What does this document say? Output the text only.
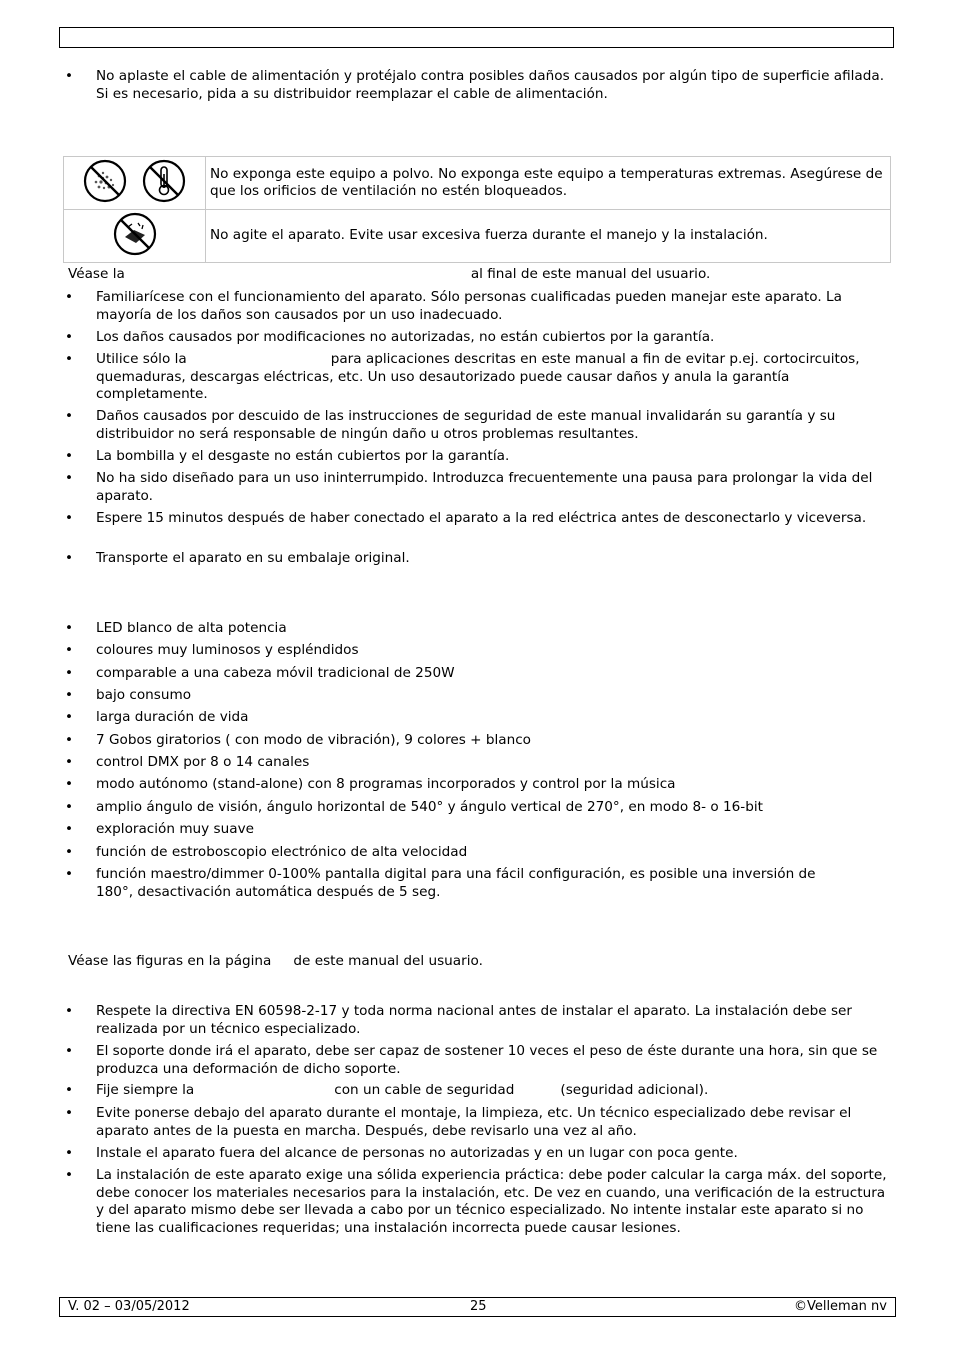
• No aplaste el cable de alimentación y protéjalo contra posibles daños causados por algún tipo de superficie afilada. Si es necesario, pida a su distribuidor reemplazar el cable de alimentación.
	No exponga este equipo a polvo. No exponga este equipo a temperaturas extremas. Asegúrese de que los orificios de ventilación no estén bloqueados.
	No agite el aparato. Evite usar excesiva fuerza durante el manejo y la instalación.
Véase la	al final de este manual del usuario.
• Familiarícese con el funcionamiento del aparato. Sólo personas cualificadas pueden manejar este aparato. La mayoría de los daños son causados por un uso inadecuado.
• Los daños causados por modificaciones no autorizadas, no están cubiertos por la garantía.
• Utilice sólo la	para aplicaciones descritas en este manual a fin de evitar p.ej. cortocircuitos, quemaduras, descargas eléctricas, etc. Un uso desautorizado puede causar daños y anula la garantía completamente.
• Daños causados por descuido de las instrucciones de seguridad de este manual invalidarán su garantía y su distribuidor no será responsable de ningún daño u otros problemas resultantes.
• La bombilla y el desgaste no están cubiertos por la garantía.
• No ha sido diseñado para un uso ininterrumpido. Introduzca frecuentemente una pausa para prolongar la vida del aparato.
• Espere 15 minutos después de haber conectado el aparato a la red eléctrica antes de desconectarlo y viceversa.
• Transporte el aparato en su embalaje original.
• LED blanco de alta potencia
• coloures muy luminosos y espléndidos
• comparable a una cabeza móvil tradicional de 250W
• bajo consumo
• larga duración de vida
• 7 Gobos giratorios ( con modo de vibración), 9 colores + blanco
• control DMX por 8 o 14 canales
• modo autónomo (stand-alone) con 8 programas incorporados y control por la música
• amplio ángulo de visión, ángulo horizontal de 540° y ángulo vertical de 270°, en modo 8- o 16-bit
• exploración muy suave
• función de estroboscopio electrónico de alta velocidad
• función maestro/dimmer 0-100% pantalla digital para una fácil configuración, es posible una inversión de 180°, desactivación automática después de 5 seg.
Véase las figuras en la página de este manual del usuario.
• Respete la directiva EN 60598-2-17 y toda norma nacional antes de instalar el aparato. La instalación debe ser realizada por un técnico especializado.
• El soporte donde irá el aparato, debe ser capaz de sostener 10 veces el peso de éste durante una hora, sin que se produzca una deformación de dicho soporte.
• Fije siempre la	con un cable de seguridad	(seguridad adicional).
• Evite ponerse debajo del aparato durante el montaje, la limpieza, etc. Un técnico especializado debe revisar el aparato antes de la puesta en marcha. Después, debe revisarlo una vez al año.
• Instale el aparato fuera del alcance de personas no autorizadas y en un lugar con poca gente.
• La instalación de este aparato exige una sólida experiencia práctica: debe poder calcular la carga máx. del soporte, debe conocer los materiales necesarios para la instalación, etc. De vez en cuando, una verificación de la estructura y del aparato mismo debe ser llevada a cabo por un técnico especializado. No intente instalar este aparato si no tiene las cualificaciones requeridas; una instalación incorrecta puede causar lesiones.
V. 02 – 03/05/2012	25	©Velleman nv
